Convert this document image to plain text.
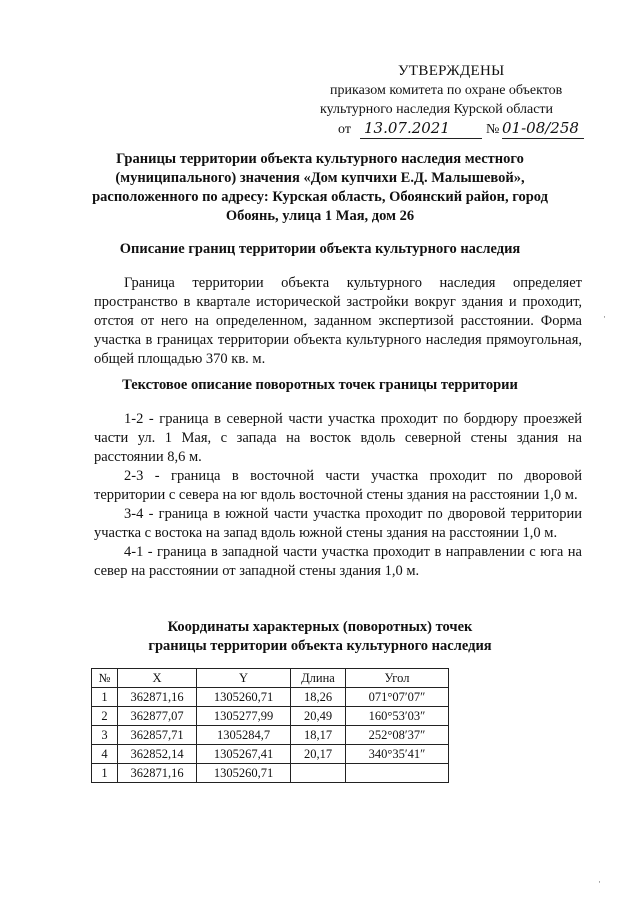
УТВЕРЖДЕНЫ
приказом комитета по охране объектов
культурного наследия Курской области
от 13.07.2021	№ 01-08/258
Границы территории объекта культурного наследия местного (муниципального) значения «Дом купчихи Е.Д. Малышевой», расположенного по адресу: Курская область, Обоянский район, город Обоянь, улица 1 Мая, дом 26
Описание границ территории объекта культурного наследия

Граница территории объекта культурного наследия определяет пространство в квартале исторической застройки вокруг здания и проходит, отстоя от него на определенном, заданном экспертизой расстоянии. Форма участка в границах территории объекта культурного наследия прямоугольная, общей площадью 370 кв. м.

Текстовое описание поворотных точек границы территории

1-2 - граница в северной части участка проходит по бордюру проезжей части ул. 1 Мая, с запада на восток вдоль северной стены здания на расстоянии 8,6 м.

2-3 - граница в восточной части участка проходит по дворовой территории с севера на юг вдоль восточной стены здания на расстоянии 1,0 м.

3-4 - граница в южной части участка проходит по дворовой территории участка с востока на запад вдоль южной стены здания на расстоянии 1,0 м.

4-1 - граница в западной части участка проходит в направлении с юга на север на расстоянии от западной стены здания 1,0 м.

Координаты характерных (поворотных) точек
границы территории объекта культурного наследия
№	X	Y	Длина	Угол
1	362871,16	1305260,71	18,26	071°07′07″
2	362877,07	1305277,99	20,49	160°53′03″
3	362857,71	1305284,7	18,17	252°08′37″
4	362852,14	1305267,41	20,17	340°35′41″
1	362871,16	1305260,71		
·
·
